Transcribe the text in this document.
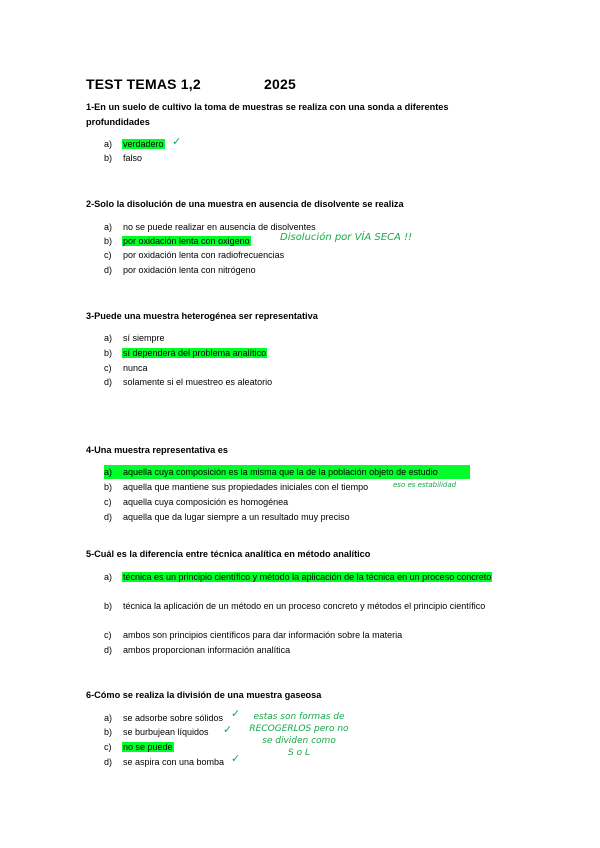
TEST TEMAS 1,2	2025
1-En un suelo de cultivo la toma de muestras se realiza con una sonda a diferentes profundidades
a) verdadero ✓
b) falso
2-Solo la disolución de una muestra en ausencia de disolvente se realiza
a) no se puede realizar en ausencia de disolventes
b) por oxidación lenta con oxigeno	Disolución por VÍA SECA !!
c) por oxidación lenta con radiofrecuencias
d) por oxidación lenta con nitrógeno
3-Puede una muestra heterogénea ser representativa
a) sí siempre
b) sí dependerá del problema analítico
c) nunca
d) solamente si el muestreo es aleatorio
4-Una muestra representativa es
a) aquella cuya composición es la misma que la de la población objeto de estudio
b) aquella que mantiene sus propiedades iniciales con el tiempo	eso es estabilidad
c) aquella cuya composición es homogénea
d) aquella que da lugar siempre a un resultado muy preciso
5-Cuál es la diferencia entre técnica analítica en método analítico
a)	técnica es un principio científico y método la aplicación de la técnica en un proceso concreto
b)	técnica la aplicación de un método en un proceso concreto y métodos el principio científico
c) ambos son principios científicos para dar información sobre la materia
d) ambos proporcionan información analítica
6-Cómo se realiza la división de una muestra gaseosa
a) se adsorbe sobre sólidos ✓
b) se burbujean líquidos ✓
c) no se puede
d) se aspira con una bomba ✓
estas son formas de
RECOGERLOS pero no
se dividen como
S o L
